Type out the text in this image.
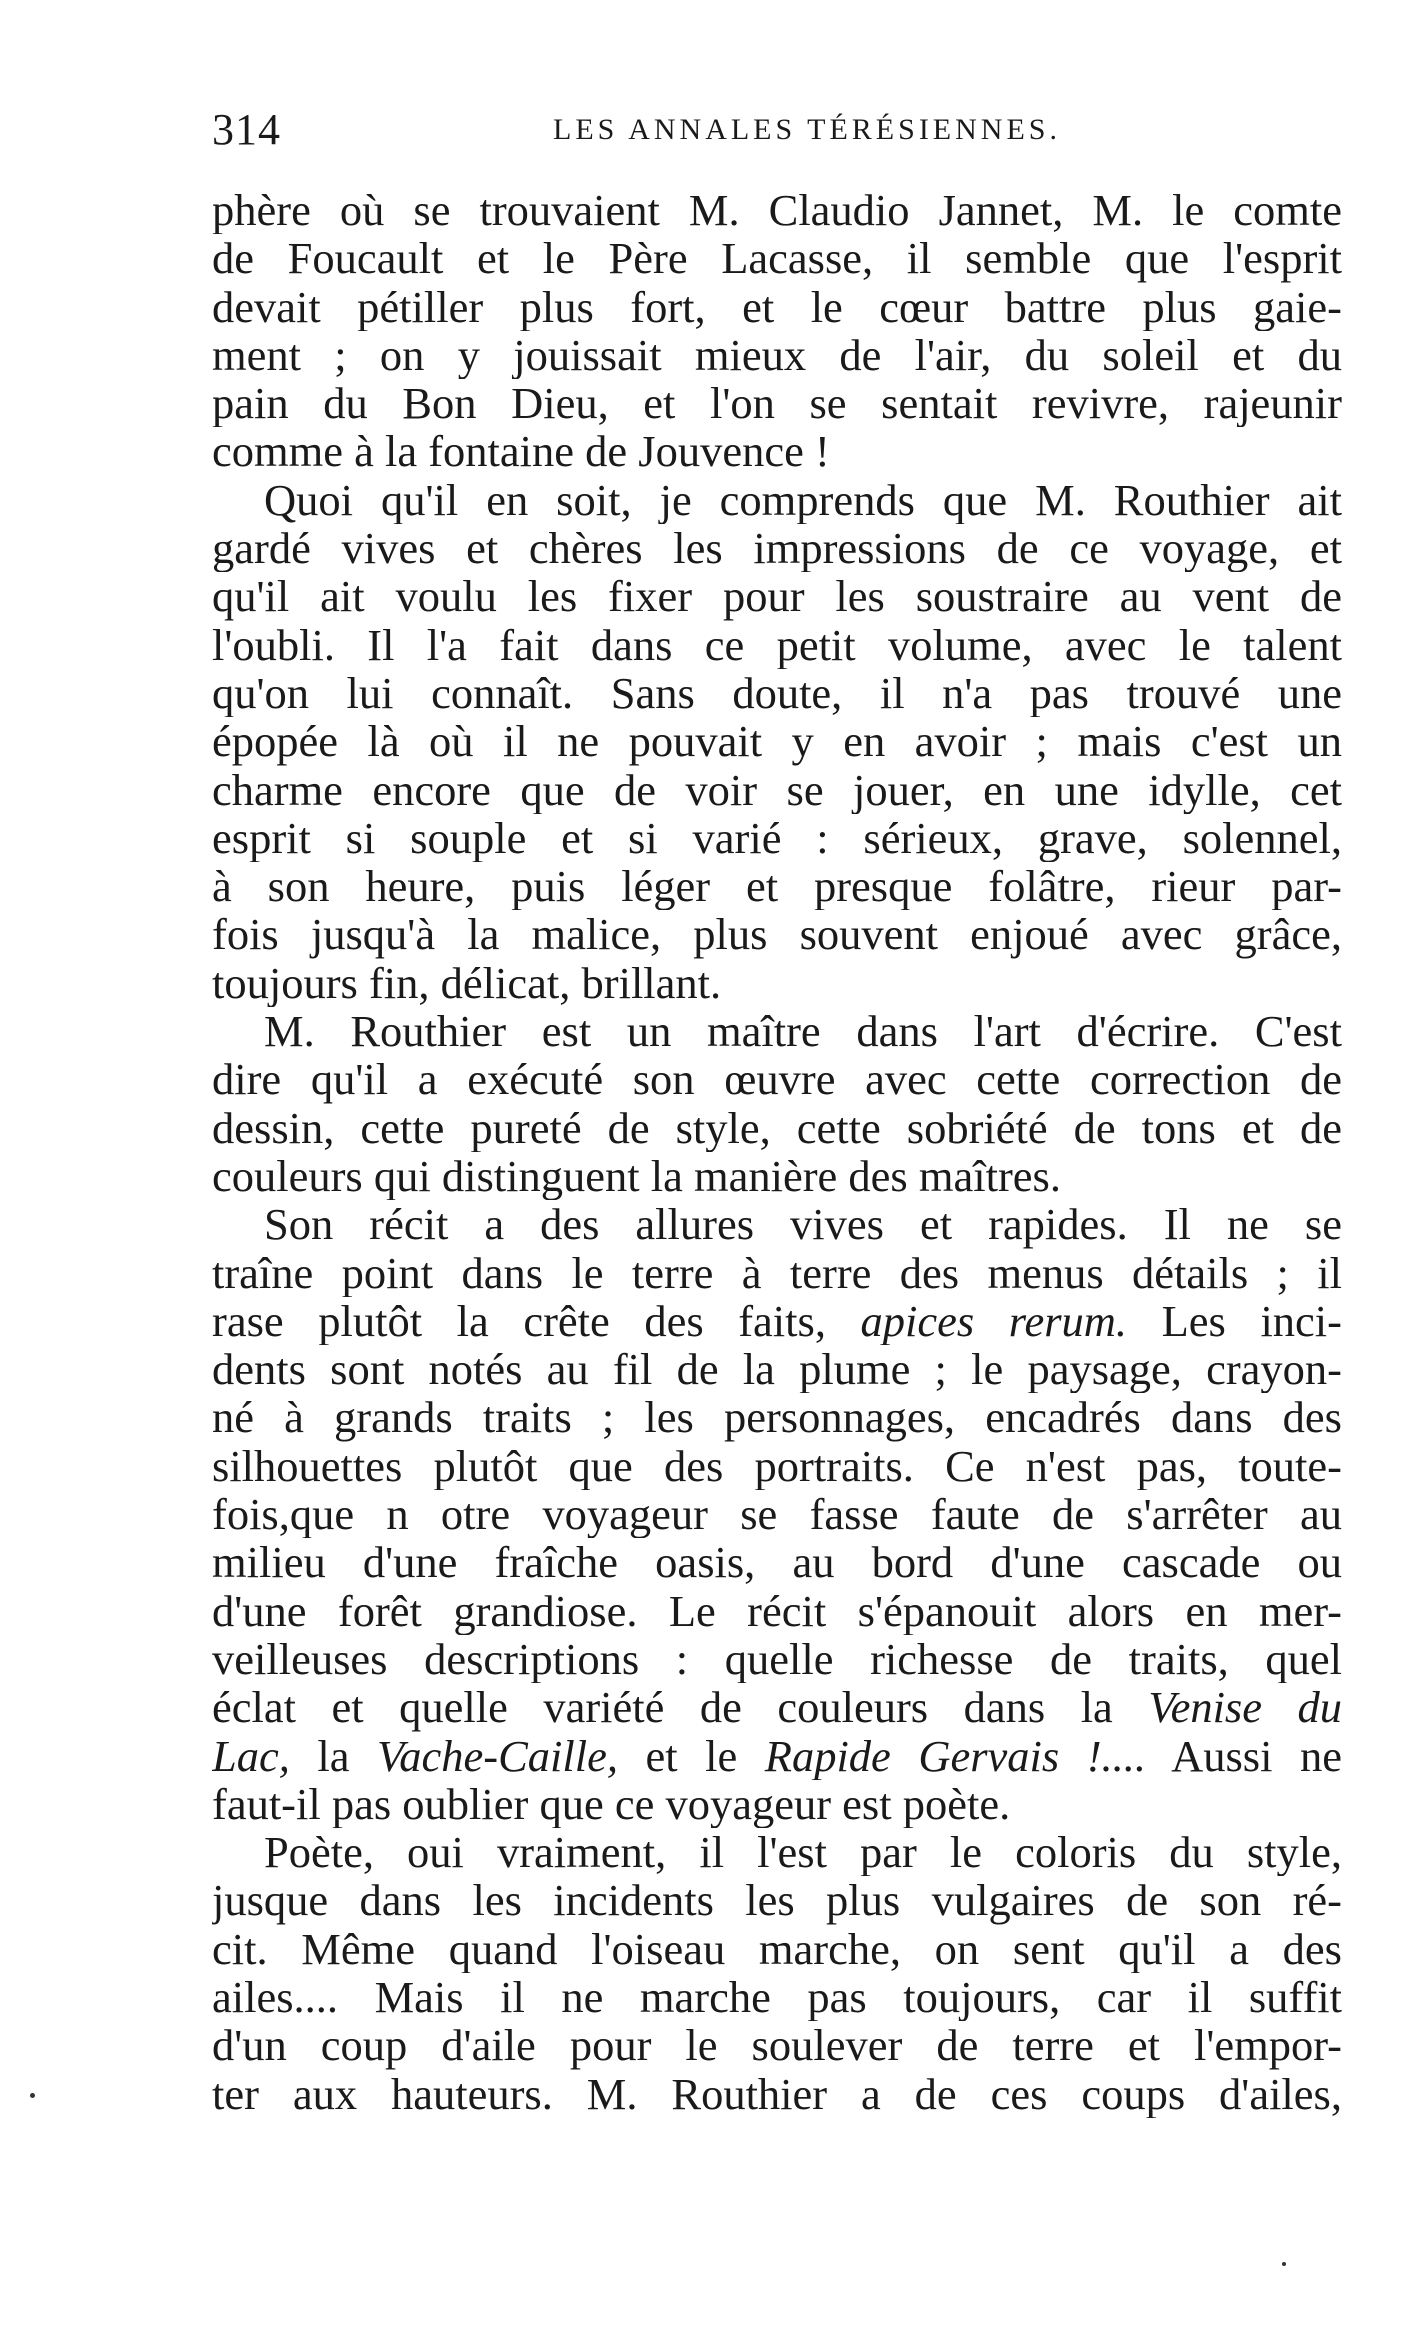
314	LES ANNALES TÉRÉSIENNES.
phère où se trouvaient M. Claudio Jannet, M. le comte
de Foucault et le Père Lacasse, il semble que l'esprit
devait pétiller plus fort, et le cœur battre plus gaie-
ment ; on y jouissait mieux de l'air, du soleil et du
pain du Bon Dieu, et l'on se sentait revivre, rajeunir
comme à la fontaine de Jouvence !
Quoi qu'il en soit, je comprends que M. Routhier ait
gardé vives et chères les impressions de ce voyage, et
qu'il ait voulu les fixer pour les soustraire au vent de
l'oubli. Il l'a fait dans ce petit volume, avec le talent
qu'on lui connaît. Sans doute, il n'a pas trouvé une
épopée là où il ne pouvait y en avoir ; mais c'est un
charme encore que de voir se jouer, en une idylle, cet
esprit si souple et si varié : sérieux, grave, solennel,
à son heure, puis léger et presque folâtre, rieur par-
fois jusqu'à la malice, plus souvent enjoué avec grâce,
toujours fin, délicat, brillant.
M. Routhier est un maître dans l'art d'écrire. C'est
dire qu'il a exécuté son œuvre avec cette correction de
dessin, cette pureté de style, cette sobriété de tons et de
couleurs qui distinguent la manière des maîtres.
Son récit a des allures vives et rapides. Il ne se
traîne point dans le terre à terre des menus détails ; il
rase plutôt la crête des faits, apices rerum. Les inci-
dents sont notés au fil de la plume ; le paysage, crayon-
né à grands traits ; les personnages, encadrés dans des
silhouettes plutôt que des portraits. Ce n'est pas, toute-
fois,que n otre voyageur se fasse faute de s'arrêter au
milieu d'une fraîche oasis, au bord d'une cascade ou
d'une forêt grandiose. Le récit s'épanouit alors en mer-
veilleuses descriptions : quelle richesse de traits, quel
éclat et quelle variété de couleurs dans la Venise du
Lac, la Vache-Caille, et le Rapide Gervais !.... Aussi ne
faut-il pas oublier que ce voyageur est poète.
Poète, oui vraiment, il l'est par le coloris du style,
jusque dans les incidents les plus vulgaires de son ré-
cit. Même quand l'oiseau marche, on sent qu'il a des
ailes.... Mais il ne marche pas toujours, car il suffit
d'un coup d'aile pour le soulever de terre et l'empor-
ter aux hauteurs. M. Routhier a de ces coups d'ailes,
